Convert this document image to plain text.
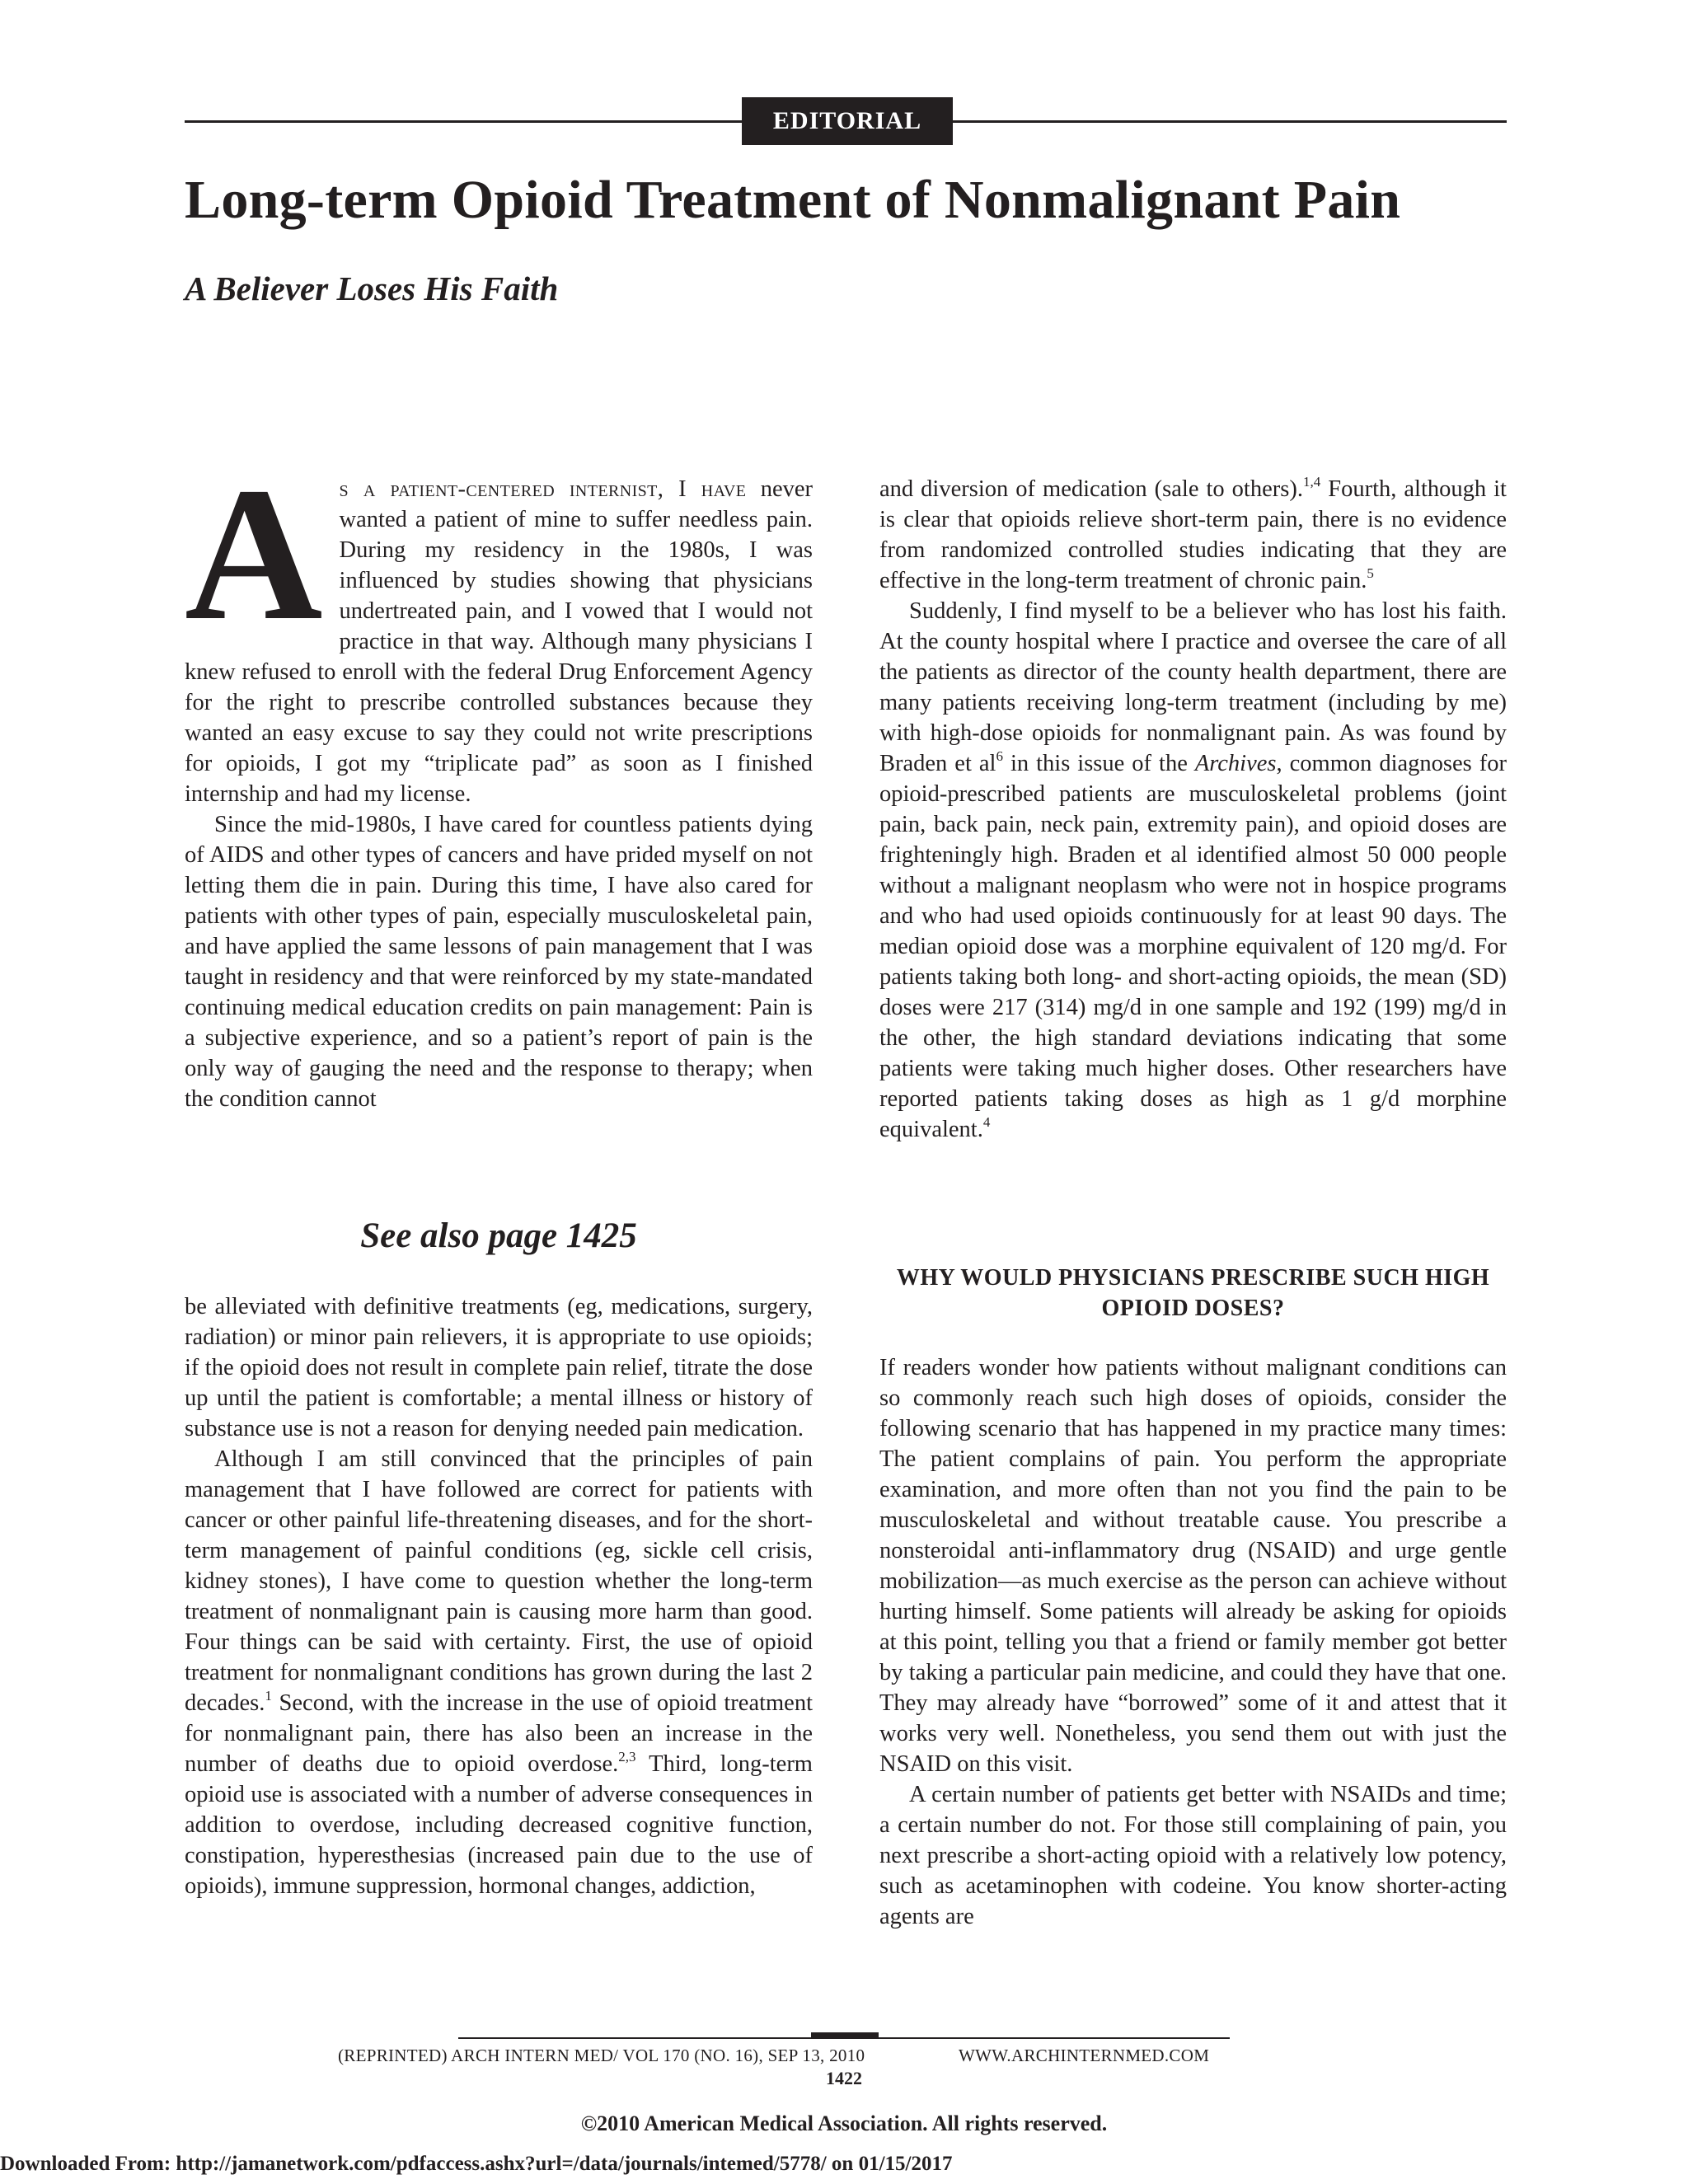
EDITORIAL
Long-term Opioid Treatment of Nonmalignant Pain
A Believer Loses His Faith

As a patient-centered internist, I have never wanted a patient of mine to suffer needless pain. During my residency in the 1980s, I was influenced by studies showing that physicians undertreated pain, and I vowed that I would not practice in that way. Although many physicians I knew refused to enroll with the federal Drug Enforcement Agency for the right to prescribe controlled substances because they wanted an easy excuse to say they could not write prescriptions for opioids, I got my “triplicate pad” as soon as I finished internship and had my license.

Since the mid-1980s, I have cared for countless patients dying of AIDS and other types of cancers and have prided myself on not letting them die in pain. During this time, I have also cared for patients with other types of pain, especially musculoskeletal pain, and have applied the same lessons of pain management that I was taught in residency and that were reinforced by my state-mandated continuing medical education credits on pain management: Pain is a subjective experience, and so a patient’s report of pain is the only way of gauging the need and the response to therapy; when the condition cannot

See also page 1425

be alleviated with definitive treatments (eg, medications, surgery, radiation) or minor pain relievers, it is appropriate to use opioids; if the opioid does not result in complete pain relief, titrate the dose up until the patient is comfortable; a mental illness or history of substance use is not a reason for denying needed pain medication.

Although I am still convinced that the principles of pain management that I have followed are correct for patients with cancer or other painful life-threatening diseases, and for the short-term management of painful conditions (eg, sickle cell crisis, kidney stones), I have come to question whether the long-term treatment of nonmalignant pain is causing more harm than good. Four things can be said with certainty. First, the use of opioid treatment for nonmalignant conditions has grown during the last 2 decades.$^1$ Second, with the increase in the use of opioid treatment for nonmalignant pain, there has also been an increase in the number of deaths due to opioid overdose.$^{2,3}$ Third, long-term opioid use is associated with a number of adverse consequences in addition to overdose, including decreased cognitive function, constipation, hyperesthesias (increased pain due to the use of opioids), immune suppression, hormonal changes, addiction,

and diversion of medication (sale to others).$^{1,4}$ Fourth, although it is clear that opioids relieve short-term pain, there is no evidence from randomized controlled studies indicating that they are effective in the long-term treatment of chronic pain.$^5$

Suddenly, I find myself to be a believer who has lost his faith. At the county hospital where I practice and oversee the care of all the patients as director of the county health department, there are many patients receiving long-term treatment (including by me) with high-dose opioids for nonmalignant pain. As was found by Braden et $al^6$ in this issue of the Archives, common diagnoses for opioid-prescribed patients are musculoskeletal problems (joint pain, back pain, neck pain, extremity pain), and opioid doses are frighteningly high. Braden et al identified almost 50 000 people without a malignant neoplasm who were not in hospice programs and who had used opioids continuously for at least 90 days. The median opioid dose was a morphine equivalent of 120 mg/d. For patients taking both long- and short-acting opioids, the mean (SD) doses were 217 (314) mg/d in one sample and 192 (199) mg/d in the other, the high standard deviations indicating that some patients were taking much higher doses. Other researchers have reported patients taking doses as high as 1 g/d morphine equivalent.$^4$

WHY WOULD PHYSICIANS PRESCRIBE SUCH HIGH OPIOID DOSES?

If readers wonder how patients without malignant conditions can so commonly reach such high doses of opioids, consider the following scenario that has happened in my practice many times: The patient complains of pain. You perform the appropriate examination, and more often than not you find the pain to be musculoskeletal and without treatable cause. You prescribe a nonsteroidal anti-inflammatory drug (NSAID) and urge gentle mobilization—as much exercise as the person can achieve without hurting himself. Some patients will already be asking for opioids at this point, telling you that a friend or family member got better by taking a particular pain medicine, and could they have that one. They may already have “borrowed” some of it and attest that it works very well. Nonetheless, you send them out with just the NSAID on this visit.

A certain number of patients get better with NSAIDs and time; a certain number do not. For those still complaining of pain, you next prescribe a short-acting opioid with a relatively low potency, such as acetaminophen with codeine. You know shorter-acting agents are

(REPRINTED) ARCH INTERN MED/ VOL 170 (NO. 16), SEP 13, 2010	WWW.ARCHINTERNMED.COM
1422
©2010 American Medical Association. All rights reserved.
Downloaded From: http://jamanetwork.com/pdfaccess.ashx?url=/data/journals/intemed/5778/ on 01/15/2017
